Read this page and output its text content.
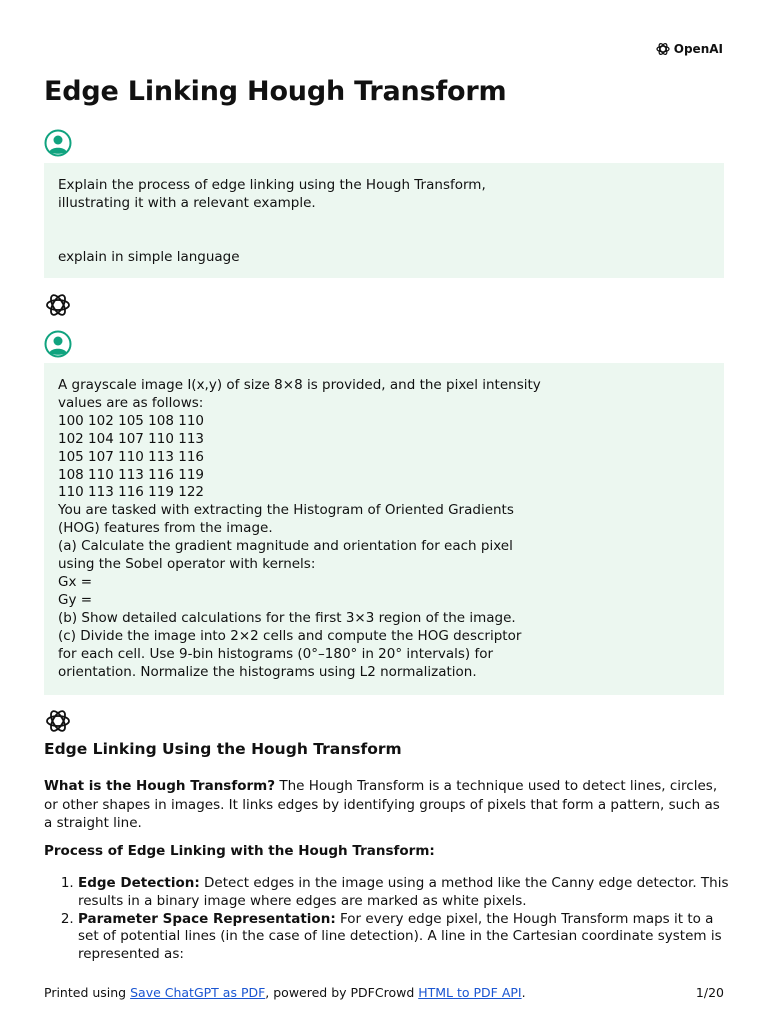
OpenAI
Edge Linking Hough Transform

Explain the process of edge linking using the Hough Transform,

illustrating it with a relevant example.

explain in simple language

A grayscale image I(x,y) of size 8×8 is provided, and the pixel intensity

values are as follows:

100 102 105 108 110

102 104 107 110 113

105 107 110 113 116

108 110 113 116 119

110 113 116 119 122

You are tasked with extracting the Histogram of Oriented Gradients

(HOG) features from the image.

(a) Calculate the gradient magnitude and orientation for each pixel

using the Sobel operator with kernels:

Gx =

Gy =

(b) Show detailed calculations for the first 3×3 region of the image.

(c) Divide the image into 2×2 cells and compute the HOG descriptor

for each cell. Use 9-bin histograms (0°–180° in 20° intervals) for

orientation. Normalize the histograms using L2 normalization.

Edge Linking Using the Hough Transform

What is the Hough Transform? The Hough Transform is a technique used to detect lines, circles, or other shapes in images. It links edges by identifying groups of pixels that form a pattern, such as a straight line.

Process of Edge Linking with the Hough Transform:

1. Edge Detection: Detect edges in the image using a method like the Canny edge detector. This results in a binary image where edges are marked as white pixels.
2. Parameter Space Representation: For every edge pixel, the Hough Transform maps it to a set of potential lines (in the case of line detection). A line in the Cartesian coordinate system is represented as:
Printed using Save ChatGPT as PDF, powered by PDFCrowd HTML to PDF API.	1/20
